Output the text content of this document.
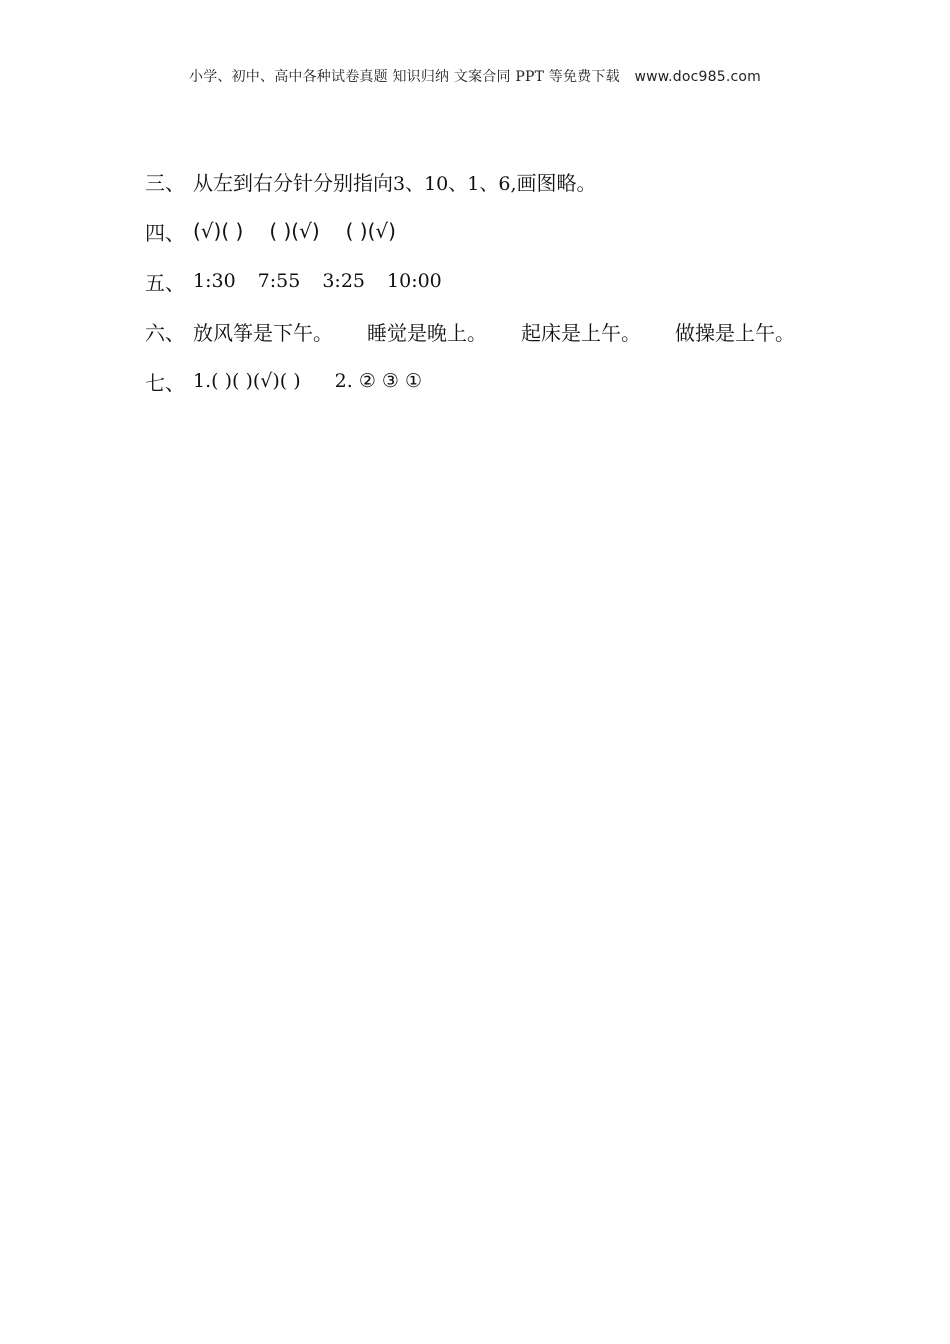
小学、初中、高中各种试卷真题 知识归纳 文案合同 PPT 等免费下载 www.doc985.com
三、 从左到右分针分别指向3、10、1、6,画图略。
四、 (√)( ) ( )(√) ( )(√)
五、 1:30 7:55 3:25 10:00
六、 放风筝是下午。 睡觉是晚上。 起床是上午。 做操是上午。
七、 1.( )( )(√)( ) 2. ② ③ ①
